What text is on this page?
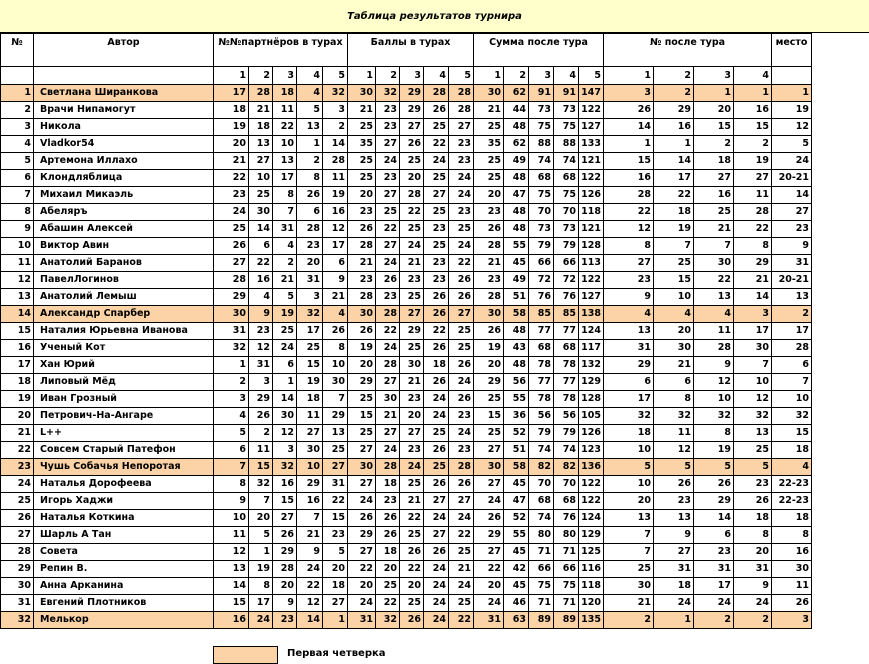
Таблица результатов турнира
№	Автор	№№партнёров в турах					Баллы в турах					Сумма после тура					№ после тура				место
		1	2	3	4	5	1	2	3	4	5	1	2	3	4	5	1	2	3	4	
1	Светлана Ширанкова	17	28	18	4	32	30	32	29	28	28	30	62	91	91	147	3	2	1	1	1
2	Врачи Нипамогут	18	21	11	5	3	21	23	29	26	28	21	44	73	73	122	26	29	20	16	19
3	Никола	19	18	22	13	2	25	23	27	25	27	25	48	75	75	127	14	16	15	15	12
4	Vladkor54	20	13	10	1	14	35	27	26	22	23	35	62	88	88	133	1	1	2	2	5
5	Артемона Иллахо	21	27	13	2	28	25	24	25	24	23	25	49	74	74	121	15	14	18	19	24
6	Клондляблица	22	10	17	8	11	25	23	20	25	24	25	48	68	68	122	16	17	27	27	20-21
7	Михаил Микаэль	23	25	8	26	19	20	27	28	27	24	20	47	75	75	126	28	22	16	11	14
8	Абеляръ	24	30	7	6	16	23	25	22	25	23	23	48	70	70	118	22	18	25	28	27
9	Абашин Алексей	25	14	31	28	12	26	22	25	23	25	26	48	73	73	121	12	19	21	22	23
10	Виктор Авин	26	6	4	23	17	28	27	24	25	24	28	55	79	79	128	8	7	7	8	9
11	Анатолий Баранов	27	22	2	20	6	21	24	21	23	22	21	45	66	66	113	27	25	30	29	31
12	ПавелЛогинов	28	16	21	31	9	23	26	23	23	26	23	49	72	72	122	23	15	22	21	20-21
13	Анатолий Лемыш	29	4	5	3	21	28	23	25	26	26	28	51	76	76	127	9	10	13	14	13
14	Александр Спарбер	30	9	19	32	4	30	28	27	26	27	30	58	85	85	138	4	4	4	3	2
15	Наталия Юрьевна Иванова	31	23	25	17	26	26	22	29	22	25	26	48	77	77	124	13	20	11	17	17
16	Ученый Кот	32	12	24	25	8	19	24	25	26	25	19	43	68	68	117	31	30	28	30	28
17	Хан Юрий	1	31	6	15	10	20	28	30	18	26	20	48	78	78	132	29	21	9	7	6
18	Липовый Мёд	2	3	1	19	30	29	27	21	26	24	29	56	77	77	129	6	6	12	10	7
19	Иван Грозный	3	29	14	18	7	25	30	23	24	26	25	55	78	78	128	17	8	10	12	10
20	Петрович-На-Ангаре	4	26	30	11	29	15	21	20	24	23	15	36	56	56	105	32	32	32	32	32
21	L++	5	2	12	27	13	25	27	27	25	24	25	52	79	79	126	18	11	8	13	15
22	Совсем Старый Патефон	6	11	3	30	25	27	24	23	26	23	27	51	74	74	123	10	12	19	25	18
23	Чушь Собачья Непоротая	7	15	32	10	27	30	28	24	25	28	30	58	82	82	136	5	5	5	5	4
24	Наталья Дорофеева	8	32	16	29	31	27	18	25	26	26	27	45	70	70	122	10	26	26	23	22-23
25	Игорь Хаджи	9	7	15	16	22	24	23	21	27	27	24	47	68	68	122	20	23	29	26	22-23
26	Наталья Коткина	10	20	27	7	15	26	26	22	24	24	26	52	74	76	124	13	13	14	18	18
27	Шарль А Тан	11	5	26	21	23	29	26	25	27	22	29	55	80	80	129	7	9	6	8	8
28	Совета	12	1	29	9	5	27	18	26	26	25	27	45	71	71	125	7	27	23	20	16
29	Репин В.	13	19	28	24	20	22	20	22	24	21	22	42	66	66	116	25	31	31	31	30
30	Анна Арканина	14	8	20	22	18	20	25	20	24	24	20	45	75	75	118	30	18	17	9	11
31	Евгений Плотников	15	17	9	12	27	24	22	25	24	25	24	46	71	71	120	21	24	24	24	26
32	Мелькор	16	24	23	14	1	31	32	26	24	22	31	63	89	89	135	2	1	2	2	3
Первая четверка
